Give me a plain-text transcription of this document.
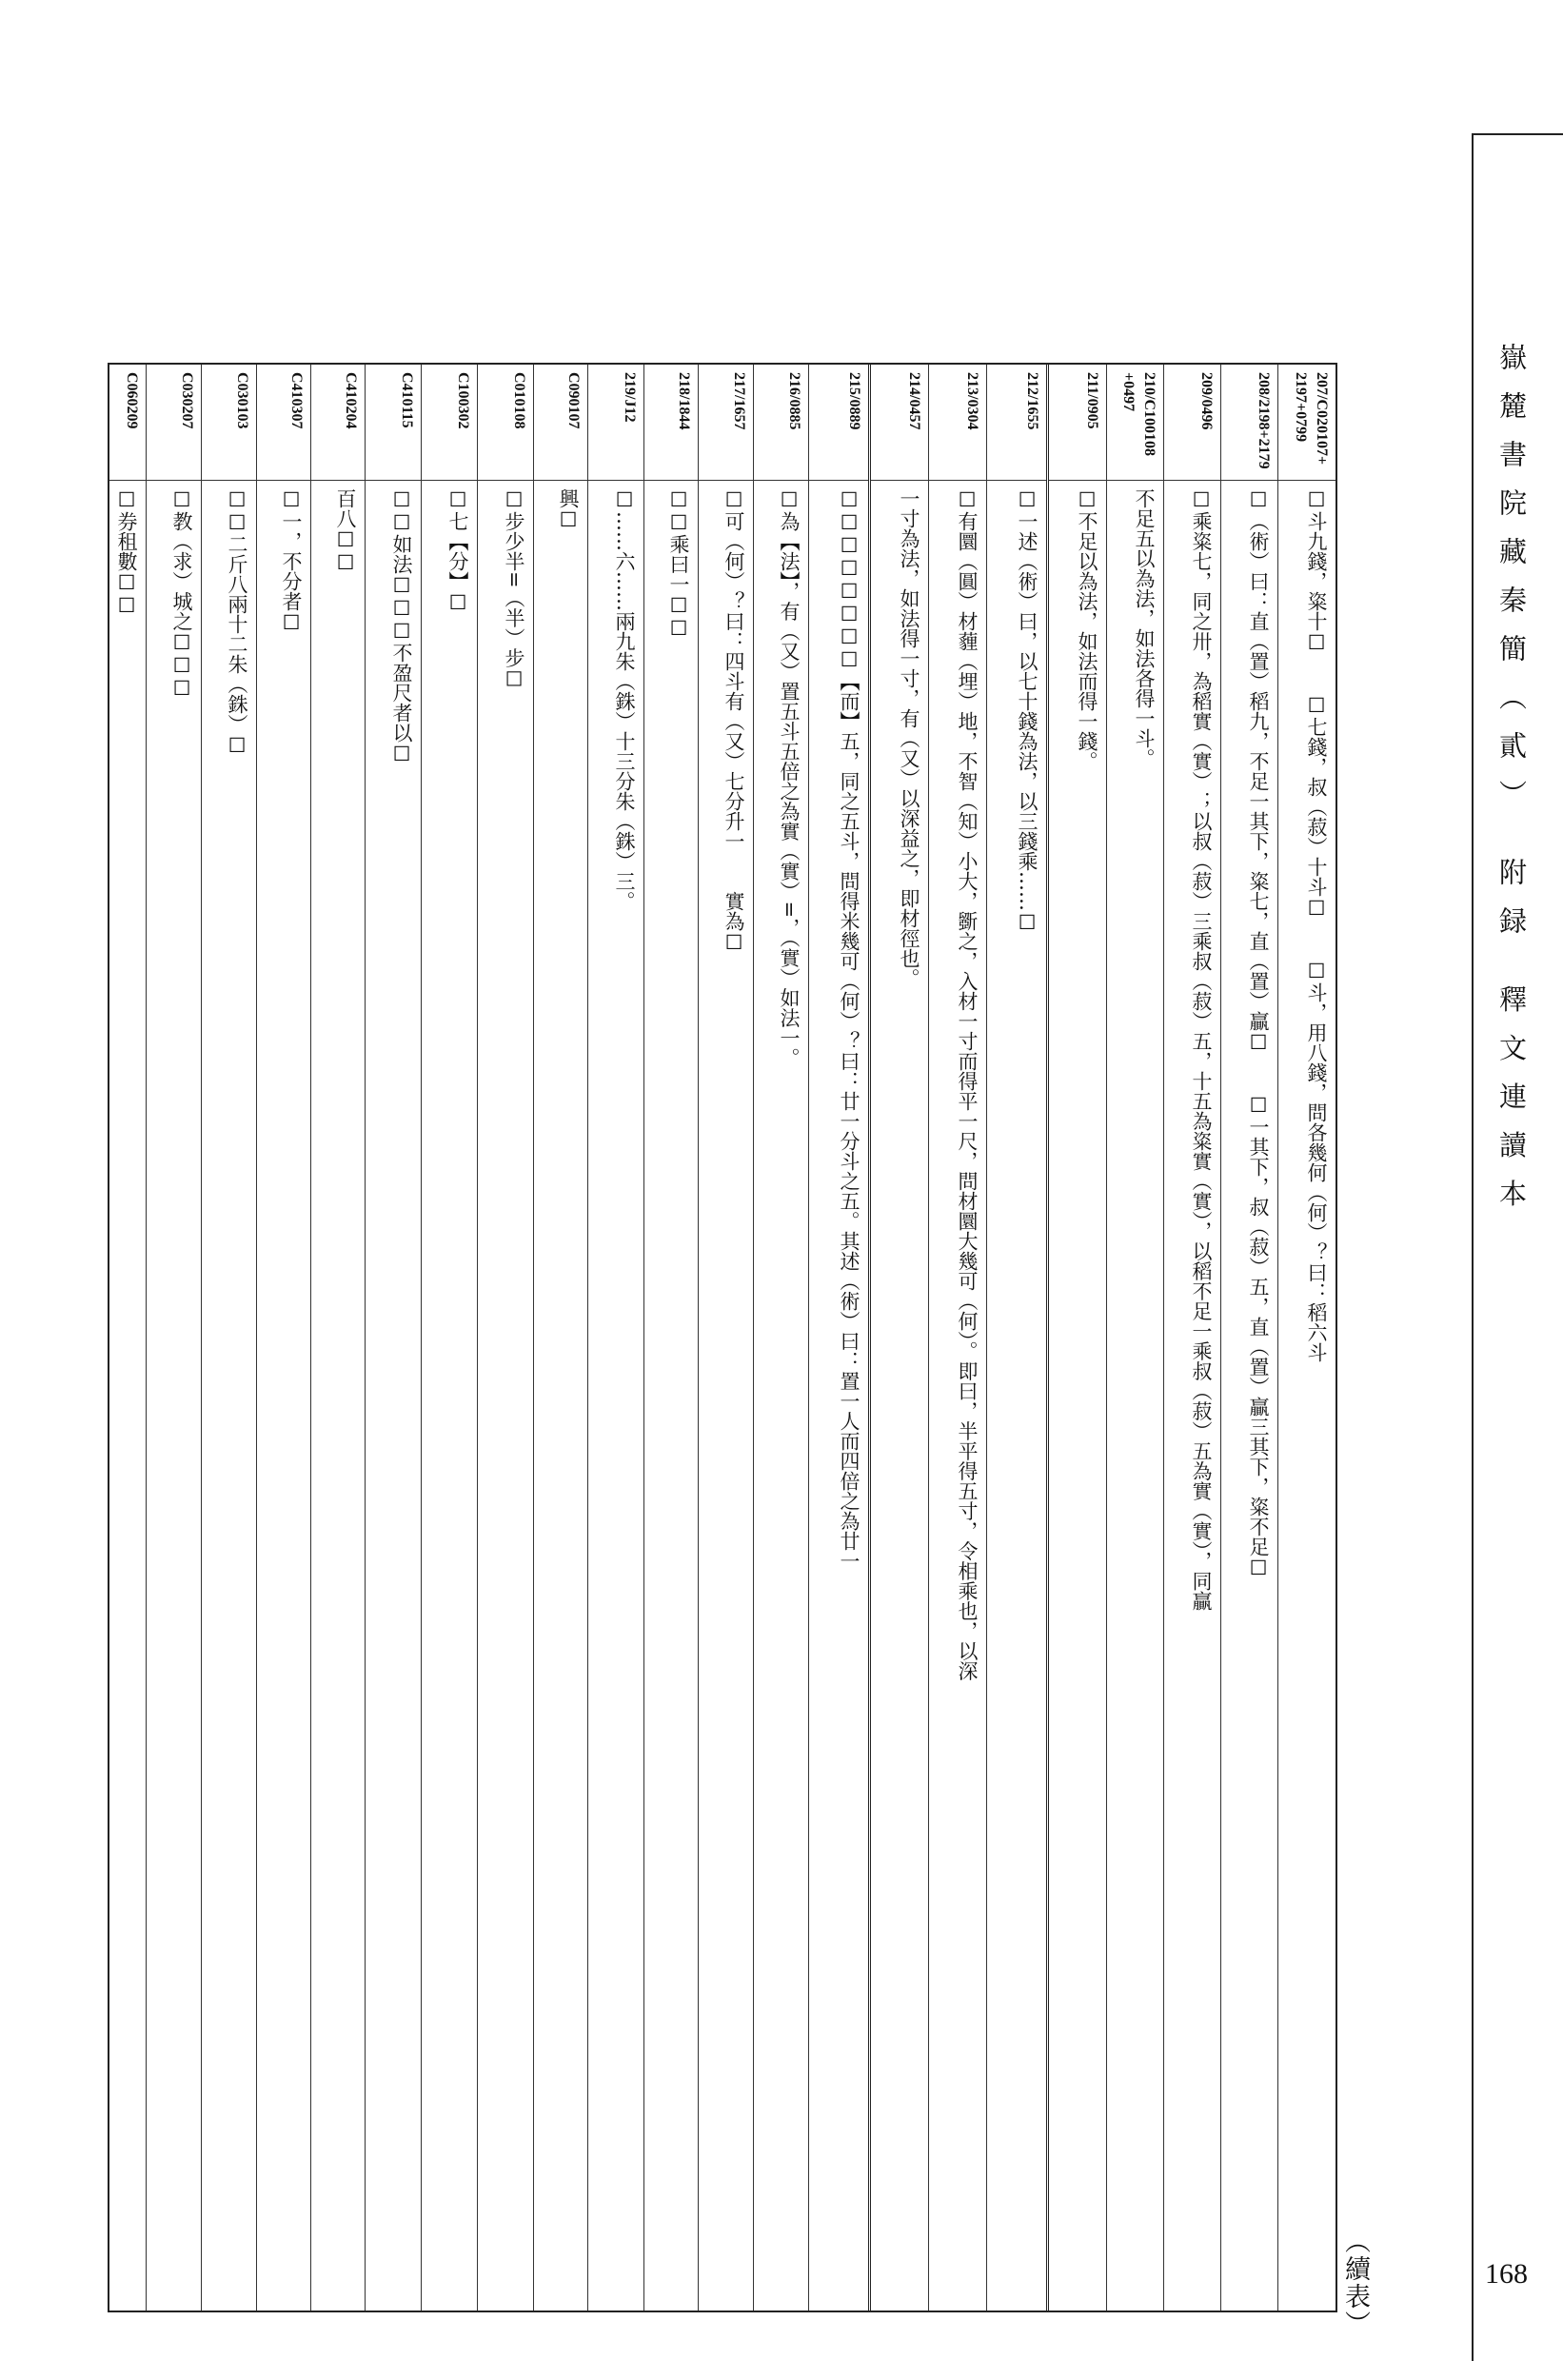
嶽麓書院藏秦簡（貳） 附録 釋文連讀本
168
（續表）
207/C020107+
2197+0799
☐斗九錢，粢十☐　　☐七錢，叔（菽）十斗☐　　☐斗，用八錢，問各幾何（何）？曰：稻六斗
208/2198+2179
☐（術）曰：直（置）稻九，不足一其下，粢七，直（置）贏☐　　☐一其下，叔（菽）五，直（置）贏三其下，粢不足☐
209/0496
☐乘粢七，同之卅，為稻實（實）；以叔（菽）三乘叔（菽）五，十五為粢實（實），以稻不足一乘叔（菽）五為實（實），同贏
210/C100108
+0497
不足五以為法，如法各得一斗。
211/0905
☐不足以為法，如法而得一錢。
212/1655
☐一述（術）曰，以七十錢為法，以三錢乘……☐
213/0304
☐有圜（圓）材薶（埋）地，不智（知）小大，斵之，入材一寸而得平一尺，問材圜大幾可（何）。即曰，半平得五寸，令相乘也，以深
214/0457
一寸為法，如法得一寸，有（又）以深益之，即材徑也。
215/0889
☐☐☐☐☐☐☐☐【而】五，同之五斗，問得米幾可（何）？曰：廿一分斗之五。其述（術）曰：置一人而四倍之為廿一
216/0885
☐為【法】，有（又）置五斗五倍之為實（實）=，（實）如法一。
217/1657
☐可（何）？曰：四斗有（又）七分升一　　實為☐
218/1844
☐☐乘曰一☐☐
219/J12
☐……六……兩九朱（銖）十三分朱（銖）三。
C090107
興☐
C010108
☐步少半=（半）步☐
C100302
☐七【分】☐
C410115
☐☐如法☐☐☐不盈尺者以☐
C410204
百八☐☐
C410307
☐一，不分者☐
C030103
☐☐二斤八兩十二朱（銖）☐
C030207
☐教（求）城之☐☐☐
C060209
☐券租數☐☐
